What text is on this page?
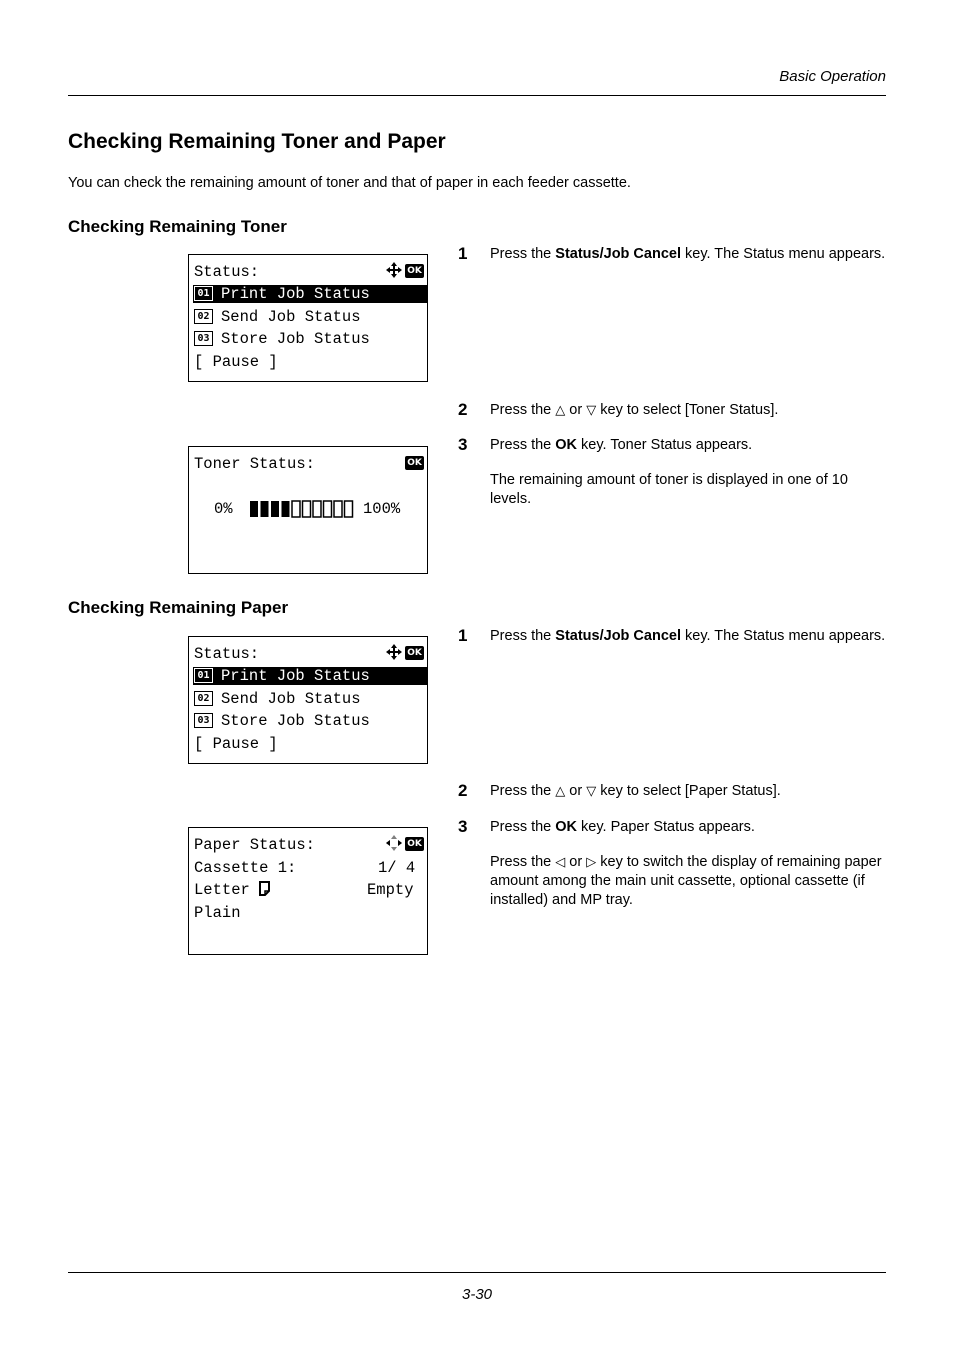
Basic Operation
Checking Remaining Toner and Paper
You can check the remaining amount of toner and that of paper in each feeder cassette.
Checking Remaining Toner
Status:	OK
01 Print Job Status
02 Send Job Status
03 Store Job Status
[ Pause ]
Toner Status:	OK
0%	100%
1 Press the Status/Job Cancel key. The Status menu appears.
2 Press the △ or ▽ key to select [Toner Status].
3 Press the OK key. Toner Status appears.
The remaining amount of toner is displayed in one of 10 levels.
Checking Remaining Paper
Status:	OK
01 Print Job Status
02 Send Job Status
03 Store Job Status
[ Pause ]
Paper Status:	OK
Cassette 1:	1/ 4
Letter	Empty
Plain
1 Press the Status/Job Cancel key. The Status menu appears.
2 Press the △ or ▽ key to select [Paper Status].
3 Press the OK key. Paper Status appears.
Press the ◁ or ▷ key to switch the display of remaining paper amount among the main unit cassette, optional cassette (if installed) and MP tray.
3-30
